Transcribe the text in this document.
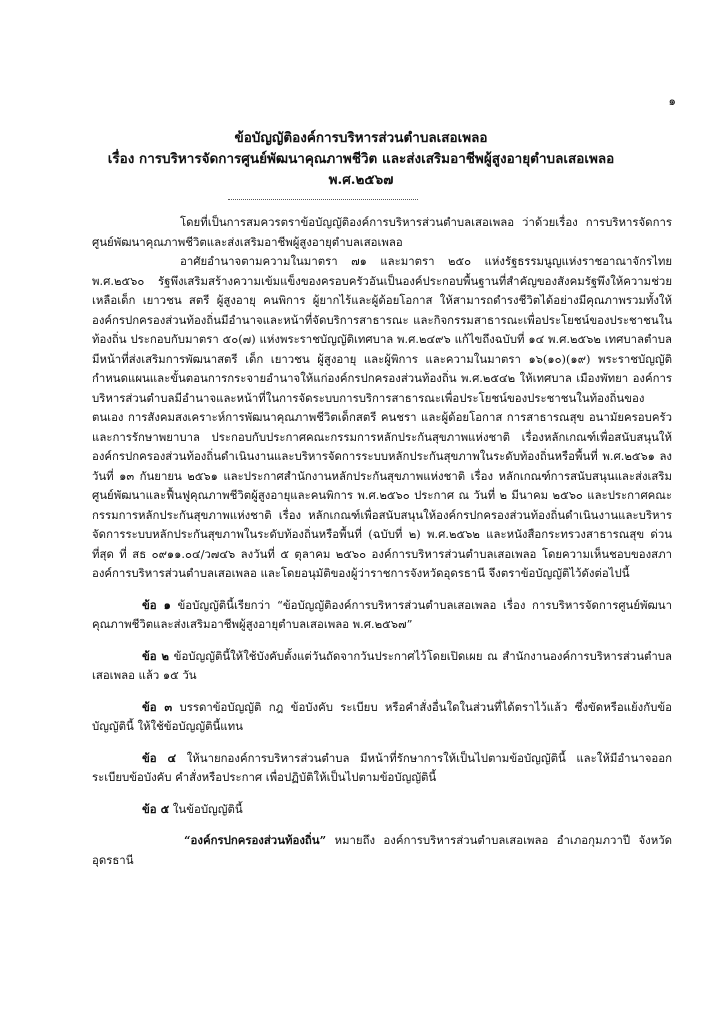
๑
ข้อบัญญัติองค์การบริหารส่วนตำบลเสอเพลอ
เรื่อง การบริหารจัดการศูนย์พัฒนาคุณภาพชีวิต และส่งเสริมอาชีพผู้สูงอายุตำบลเสอเพลอ
พ.ศ.๒๕๖๗

โดยที่เป็นการสมควรตราข้อบัญญัติองค์การบริหารส่วนตำบลเสอเพลอ ว่าด้วยเรื่อง การบริหารจัดการศูนย์พัฒนาคุณภาพชีวิตและส่งเสริมอาชีพผู้สูงอายุตำบลเสอเพลอ

อาศัยอำนาจตามความในมาตรา ๗๑ และมาตรา ๒๕๐ แห่งรัฐธรรมนูญแห่งราชอาณาจักรไทย พ.ศ.๒๕๖๐ รัฐพึงเสริมสร้างความเข้มแข็งของครอบครัวอันเป็นองค์ประกอบพื้นฐานที่สำคัญของสังคมรัฐพึงให้ความช่วยเหลือเด็ก เยาวชน สตรี ผู้สูงอายุ คนพิการ ผู้ยากไร้และผู้ด้อยโอกาส ให้สามารถดำรงชีวิตได้อย่างมีคุณภาพรวมทั้งให้องค์กรปกครองส่วนท้องถิ่นมีอำนาจและหน้าที่จัดบริการสาธารณะ และกิจกรรมสาธารณะเพื่อประโยชน์ของประชาชนในท้องถิ่น ประกอบกับมาตรา ๕๐(๗) แห่งพระราชบัญญัติเทศบาล พ.ศ.๒๔๙๖ แก้ไขถึงฉบับที่ ๑๔ พ.ศ.๒๕๖๒ เทศบาลตำบลมีหน้าที่ส่งเสริมการพัฒนาสตรี เด็ก เยาวชน ผู้สูงอายุ และผู้พิการ และความในมาตรา ๑๖(๑๐)(๑๙) พระราชบัญญัติกำหนดแผนและขั้นตอนการกระจายอำนาจให้แก่องค์กรปกครองส่วนท้องถิ่น พ.ศ.๒๕๔๒ ให้เทศบาล เมืองพัทยา องค์การบริหารส่วนตำบลมีอำนาจและหน้าที่ในการจัดระบบการบริการสาธารณะเพื่อประโยชน์ของประชาชนในท้องถิ่นของตนเอง การสังคมสงเคราะห์การพัฒนาคุณภาพชีวิตเด็กสตรี คนชรา และผู้ด้อยโอกาส การสาธารณสุข อนามัยครอบครัวและการรักษาพยาบาล ประกอบกับประกาศคณะกรรมการหลักประกันสุขภาพแห่งชาติ เรื่องหลักเกณฑ์เพื่อสนับสนุนให้องค์กรปกครองส่วนท้องถิ่นดำเนินงานและบริหารจัดการระบบหลักประกันสุขภาพในระดับท้องถิ่นหรือพื้นที่ พ.ศ.๒๕๖๑ ลงวันที่ ๑๓ กันยายน ๒๕๖๑ และประกาศสำนักงานหลักประกันสุขภาพแห่งชาติ เรื่อง หลักเกณฑ์การสนับสนุนและส่งเสริมศูนย์พัฒนาและฟื้นฟูคุณภาพชีวิตผู้สูงอายุและคนพิการ พ.ศ.๒๕๖๐ ประกาศ ณ วันที่ ๒ มีนาคม ๒๕๖๐ และประกาศคณะกรรมการหลักประกันสุขภาพแห่งชาติ เรื่อง หลักเกณฑ์เพื่อสนับสนุนให้องค์กรปกครองส่วนท้องถิ่นดำเนินงานและบริหารจัดการระบบหลักประกันสุขภาพในระดับท้องถิ่นหรือพื้นที่ (ฉบับที่ ๒) พ.ศ.๒๕๖๒ และหนังสือกระทรวงสาธารณสุข ด่วนที่สุด ที่ สธ ๐๙๑๑.๐๔/ว๗๔๖ ลงวันที่ ๕ ตุลาคม ๒๕๖๐ องค์การบริหารส่วนตำบลเสอเพลอ โดยความเห็นชอบของสภาองค์การบริหารส่วนตำบลเสอเพลอ และโดยอนุมัติของผู้ว่าราชการจังหวัดอุดรธานี จึงตราข้อบัญญัติไว้ดังต่อไปนี้

ข้อ ๑ ข้อบัญญัตินี้เรียกว่า “ข้อบัญญัติองค์การบริหารส่วนตำบลเสอเพลอ เรื่อง การบริหารจัดการศูนย์พัฒนาคุณภาพชีวิตและส่งเสริมอาชีพผู้สูงอายุตำบลเสอเพลอ พ.ศ.๒๕๖๗”

ข้อ ๒ ข้อบัญญัตินี้ให้ใช้บังคับตั้งแต่วันถัดจากวันประกาศไว้โดยเปิดเผย ณ สำนักงานองค์การบริหารส่วนตำบลเสอเพลอ แล้ว ๑๕ วัน

ข้อ ๓ บรรดาข้อบัญญัติ กฎ ข้อบังคับ ระเบียบ หรือคำสั่งอื่นใดในส่วนที่ได้ตราไว้แล้ว ซึ่งขัดหรือแย้งกับข้อบัญญัตินี้ ให้ใช้ข้อบัญญัตินี้แทน

ข้อ ๔ ให้นายกองค์การบริหารส่วนตำบล มีหน้าที่รักษาการให้เป็นไปตามข้อบัญญัตินี้ และให้มีอำนาจออกระเบียบข้อบังคับ คำสั่งหรือประกาศ เพื่อปฏิบัติให้เป็นไปตามข้อบัญญัตินี้

ข้อ ๕ ในข้อบัญญัตินี้

“องค์กรปกครองส่วนท้องถิ่น” หมายถึง องค์การบริหารส่วนตำบลเสอเพลอ อำเภอกุมภวาปี จังหวัดอุดรธานี
